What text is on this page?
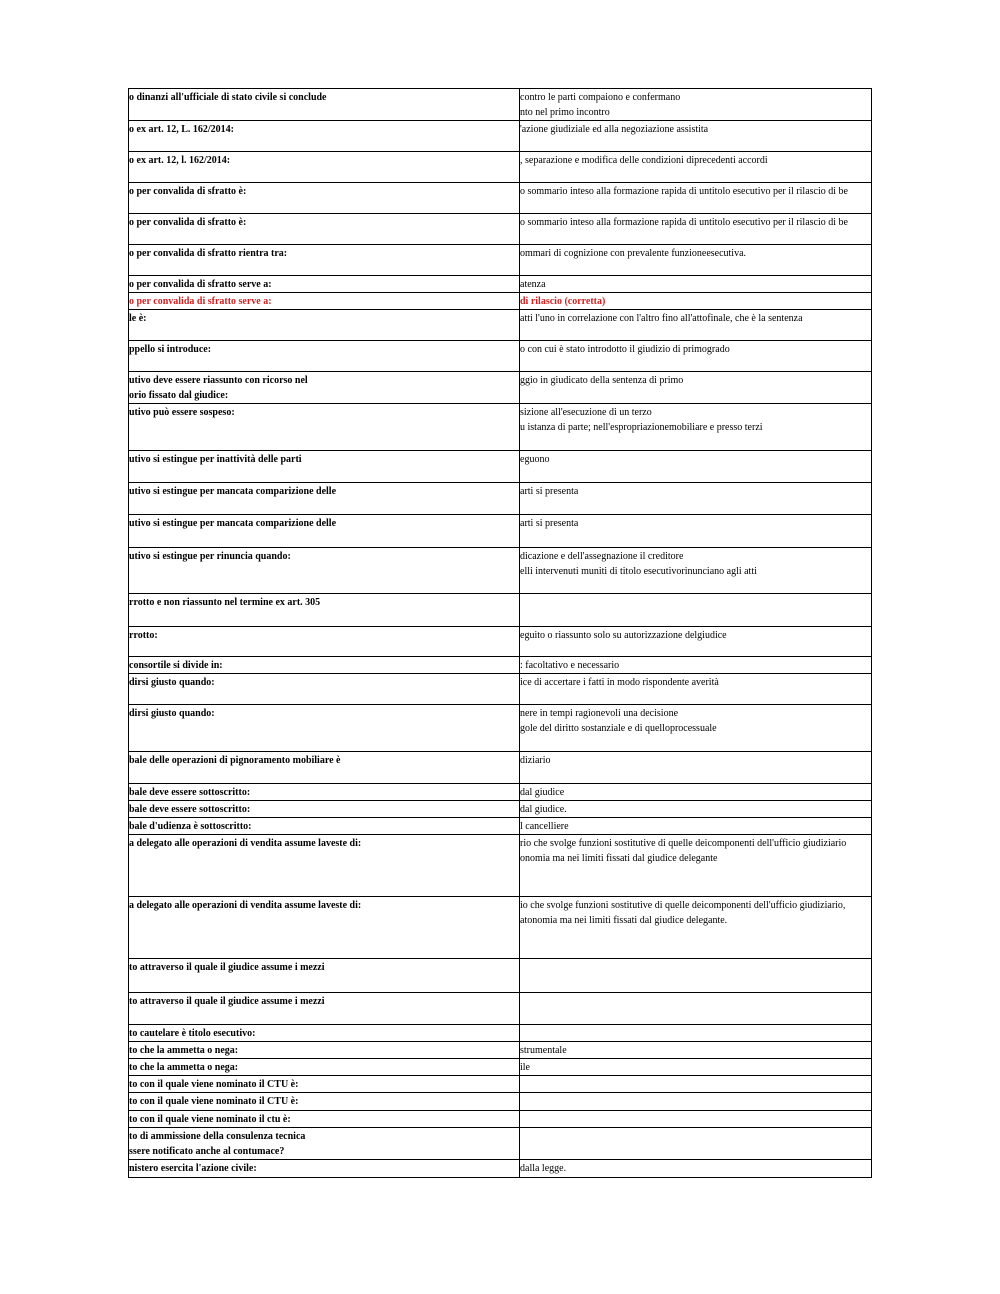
o dinanzi all'ufficiale di stato civile si conclude	contro le parti compaiono e confermano
nto nel primo incontro

o ex art. 12, L. 162/2014:	'azione giudiziale ed alla negoziazione assistita

o ex art. 12, l. 162/2014:	, separazione e modifica delle condizioni diprecedenti accordi

o per convalida di sfratto è:	o sommario inteso alla formazione rapida di untitolo esecutivo per il rilascio di be

o per convalida di sfratto è:	o sommario inteso alla formazione rapida di untitolo esecutivo per il rilascio di be

o per convalida di sfratto rientra tra:	ommari di cognizione con prevalente funzioneesecutiva.

o per convalida di sfratto serve a:	atenza

o per convalida di sfratto serve a:	di rilascio (corretta)

le è:	atti l'uno in correlazione con l'altro fino all'attofinale, che è la sentenza

ppello si introduce:	o con cui è stato introdotto il giudizio di primogrado

utivo deve essere riassunto con ricorso nel
orio fissato dal giudice:	ggio in giudicato della sentenza di primo

utivo può essere sospeso:	sizione all'esecuzione di un terzo
u istanza di parte; nell'espropriazionemobiliare e presso terzi

utivo si estingue per inattività delle parti	eguono

utivo si estingue per mancata comparizione delle	arti si presenta

utivo si estingue per mancata comparizione delle	arti si presenta

utivo si estingue per rinuncia quando:	dicazione e dell'assegnazione il creditore
elli intervenuti muniti di titolo esecutivorinunciano agli atti

rrotto e non riassunto nel termine ex art. 305	

rrotto:	eguito o riassunto solo su autorizzazione delgiudice

consortile si divide in:	: facoltativo e necessario

dirsi giusto quando:	ice di accertare i fatti in modo rispondente averità

dirsi giusto quando:	nere in tempi ragionevoli una decisione
gole del diritto sostanziale e di quelloprocessuale

bale delle operazioni di pignoramento mobiliare è	diziario

bale deve essere sottoscritto:	dal giudice

bale deve essere sottoscritto:	dal giudice.

bale d'udienza è sottoscritto:	l cancelliere

a delegato alle operazioni di vendita assume laveste di:	rio che svolge funzioni sostitutive di quelle deicomponenti dell'ufficio giudiziario
onomia ma nei limiti fissati dal giudice delegante

a delegato alle operazioni di vendita assume laveste di:	io che svolge funzioni sostitutive di quelle deicomponenti dell'ufficio giudiziario,
atonomia ma nei limiti fissati dal giudice delegante.

to attraverso il quale il giudice assume i mezzi	

to attraverso il quale il giudice assume i mezzi	

to cautelare è titolo esecutivo:	

to che la ammetta o nega:	strumentale

to che la ammetta o nega:	ile

to con il quale viene nominato il CTU è:	

to con il quale viene nominato il CTU è:	

to con il quale viene nominato il ctu è:	

to di ammissione della consulenza tecnica
ssere notificato anche al contumace?	

nistero esercita l'azione civile:	dalla legge.
